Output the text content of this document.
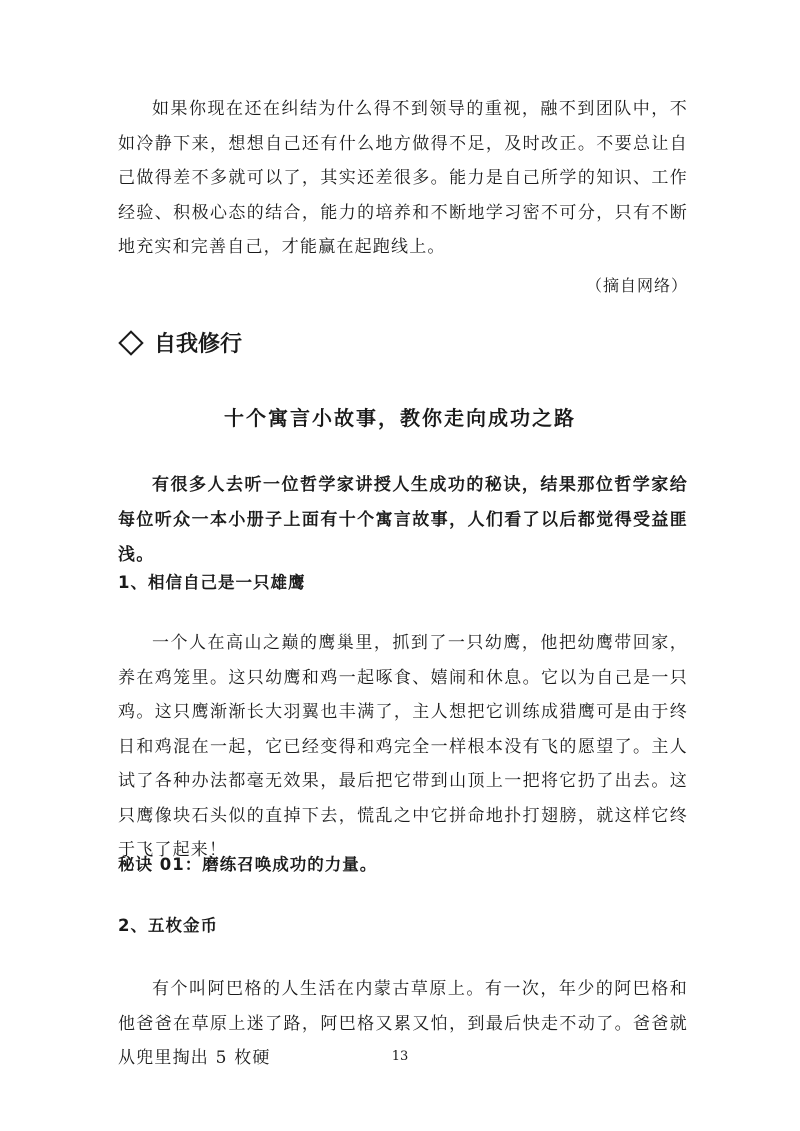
如果你现在还在纠结为什么得不到领导的重视，融不到团队中，不如冷静下来，想想自己还有什么地方做得不足，及时改正。不要总让自己做得差不多就可以了，其实还差很多。能力是自己所学的知识、工作经验、积极心态的结合，能力的培养和不断地学习密不可分，只有不断地充实和完善自己，才能赢在起跑线上。

（摘自网络）

自我修行
十个寓言小故事，教你走向成功之路

有很多人去听一位哲学家讲授人生成功的秘诀，结果那位哲学家给每位听众一本小册子上面有十个寓言故事，人们看了以后都觉得受益匪浅。

1、相信自己是一只雄鹰

一个人在高山之巅的鹰巢里，抓到了一只幼鹰，他把幼鹰带回家，养在鸡笼里。这只幼鹰和鸡一起啄食、嬉闹和休息。它以为自己是一只鸡。这只鹰渐渐长大羽翼也丰满了，主人想把它训练成猎鹰可是由于终日和鸡混在一起，它已经变得和鸡完全一样根本没有飞的愿望了。主人试了各种办法都毫无效果，最后把它带到山顶上一把将它扔了出去。这只鹰像块石头似的直掉下去，慌乱之中它拼命地扑打翅膀，就这样它终于飞了起来！

秘诀 01：磨练召唤成功的力量。

2、五枚金币

有个叫阿巴格的人生活在内蒙古草原上。有一次，年少的阿巴格和他爸爸在草原上迷了路，阿巴格又累又怕，到最后快走不动了。爸爸就从兜里掏出 5 枚硬	13
